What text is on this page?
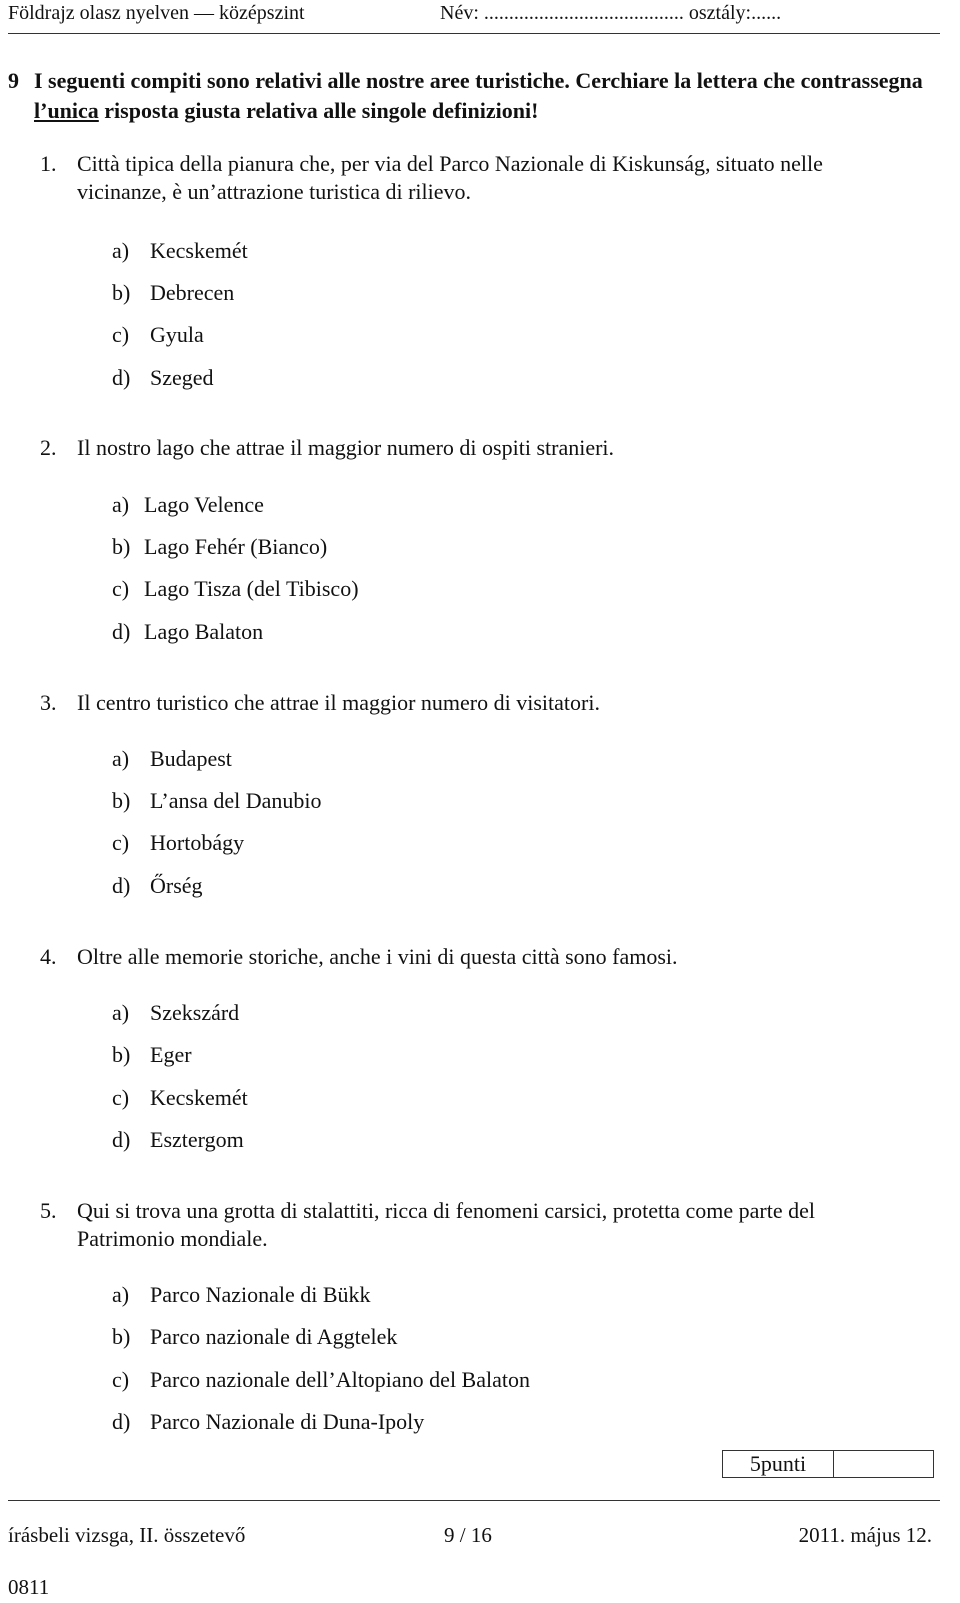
Földrajz olasz nyelven — középszint	Név: ........................................ osztály:......
9 I seguenti compiti sono relativi alle nostre aree turistiche. Cerchiare la lettera che contrassegna l’unica risposta giusta relativa alle singole definizioni!
1. Città tipica della pianura che, per via del Parco Nazionale di Kiskunság, situato nelle vicinanze, è un’attrazione turistica di rilievo.
a) Kecskemét
b) Debrecen
c) Gyula
d) Szeged
2. Il nostro lago che attrae il maggior numero di ospiti stranieri.
a) Lago Velence
b) Lago Fehér (Bianco)
c) Lago Tisza (del Tibisco)
d) Lago Balaton
3. Il centro turistico che attrae il maggior numero di visitatori.
a) Budapest
b) L’ansa del Danubio
c) Hortobágy
d) Őrség
4. Oltre alle memorie storiche, anche i vini di questa città sono famosi.
a) Szekszárd
b) Eger
c) Kecskemét
d) Esztergom
5. Qui si trova una grotta di stalattiti, ricca di fenomeni carsici, protetta come parte del Patrimonio mondiale.
a) Parco Nazionale di Bükk
b) Parco nazionale di Aggtelek
c) Parco nazionale dell’Altopiano del Balaton
d) Parco Nazionale di Duna-Ipoly
5punti
írásbeli vizsga, II. összetevő	9 / 16	2011. május 12.
0811
